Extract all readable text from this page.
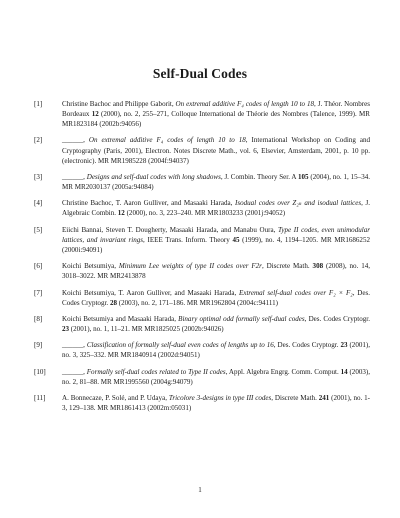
Self-Dual Codes
[1]	Christine Bachoc and Philippe Gaborit, On extremal additive F₄ codes of length 10 to 18, J. Théor. Nombres Bordeaux 12 (2000), no. 2, 255–271, Colloque International de Théorie des Nombres (Talence, 1999). MR MR1823184 (2002b:94056)
[2]	______, On extremal additive F₄ codes of length 10 to 18, International Workshop on Coding and Cryptography (Paris, 2001), Electron. Notes Discrete Math., vol. 6, Elsevier, Amsterdam, 2001, p. 10 pp. (electronic). MR MR1985228 (2004f:94037)
[3]	______, Designs and self-dual codes with long shadows, J. Combin. Theory Ser. A 105 (2004), no. 1, 15–34. MR MR2030137 (2005a:94084)
[4]	Christine Bachoc, T. Aaron Gulliver, and Masaaki Harada, Isodual codes over Z₂ₖ and isodual lattices, J. Algebraic Combin. 12 (2000), no. 3, 223–240. MR MR1803233 (2001j:94052)
[5]	Eiichi Bannai, Steven T. Dougherty, Masaaki Harada, and Manabu Oura, Type II codes, even unimodular lattices, and invariant rings, IEEE Trans. Inform. Theory 45 (1999), no. 4, 1194–1205. MR MR1686252 (2000i:94091)
[6]	Koichi Betsumiya, Minimum Lee weights of type II codes over F2r, Discrete Math. 308 (2008), no. 14, 3018–3022. MR MR2413878
[7]	Koichi Betsumiya, T. Aaron Gulliver, and Masaaki Harada, Extremal self-dual codes over F₂ × F₂, Des. Codes Cryptogr. 28 (2003), no. 2, 171–186. MR MR1962804 (2004c:94111)
[8]	Koichi Betsumiya and Masaaki Harada, Binary optimal odd formally self-dual codes, Des. Codes Cryptogr. 23 (2001), no. 1, 11–21. MR MR1825025 (2002b:94026)
[9]	______, Classification of formally self-dual even codes of lengths up to 16, Des. Codes Cryptogr. 23 (2001), no. 3, 325–332. MR MR1840914 (2002d:94051)
[10] ______, Formally self-dual codes related to Type II codes, Appl. Algebra Engrg. Comm. Comput. 14 (2003), no. 2, 81–88. MR MR1995560 (2004g:94079)
[11] A. Bonnecaze, P. Solé, and P. Udaya, Tricolore 3-designs in type III codes, Discrete Math. 241 (2001), no. 1-3, 129–138. MR MR1861413 (2002m:05031)
1
